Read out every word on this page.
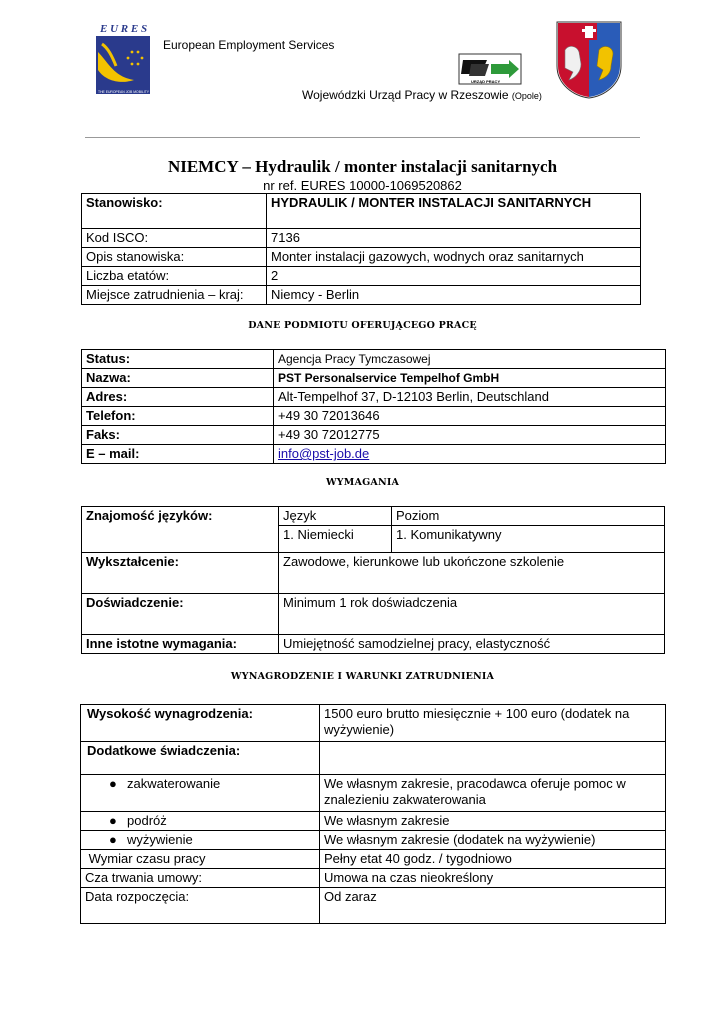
E U R E S
THE EUROPEAN JOB MOBILITY PORTAL
European Employment Services
URZĄD PRACY
Wojewódzki Urząd Pracy w Rzeszowie (Opole)
NIEMCY – Hydraulik / monter instalacji sanitarnych
nr ref. EURES 10000-1069520862
Stanowisko:	HYDRAULIK / MONTER INSTALACJI SANITARNYCH
Kod ISCO:	7136
Opis stanowiska:	Monter instalacji gazowych, wodnych oraz sanitarnych
Liczba etatów:	2
Miejsce zatrudnienia – kraj:	Niemcy - Berlin
DANE PODMIOTU OFERUJĄCEGO PRACĘ
Status:	Agencja Pracy Tymczasowej
Nazwa:	PST Personalservice Tempelhof GmbH
Adres:	Alt-Tempelhof 37, D-12103 Berlin, Deutschland
Telefon:	+49 30 72013646
Faks:	+49 30 72012775
E – mail:	info@pst-job.de
WYMAGANIA
Znajomość języków:	Język	Poziom
	1. Niemiecki	1. Komunikatywny
Wykształcenie:	Zawodowe, kierunkowe lub ukończone szkolenie	
Doświadczenie:	Minimum 1 rok doświadczenia	
Inne istotne wymagania:	Umiejętność samodzielnej pracy, elastyczność	
WYNAGRODZENIE I WARUNKI ZATRUDNIENIA
Wysokość wynagrodzenia:	1500 euro brutto miesięcznie + 100 euro (dodatek na wyżywienie)
Dodatkowe świadczenia:	
● zakwaterowanie	We własnym zakresie, pracodawca oferuje pomoc w znalezieniu zakwaterowania
● podróż	We własnym zakresie
● wyżywienie	We własnym zakresie (dodatek na wyżywienie)
Wymiar czasu pracy	Pełny etat 40 godz. / tygodniowo
Cza trwania umowy:	Umowa na czas nieokreślony
Data rozpoczęcia:	Od zaraz
